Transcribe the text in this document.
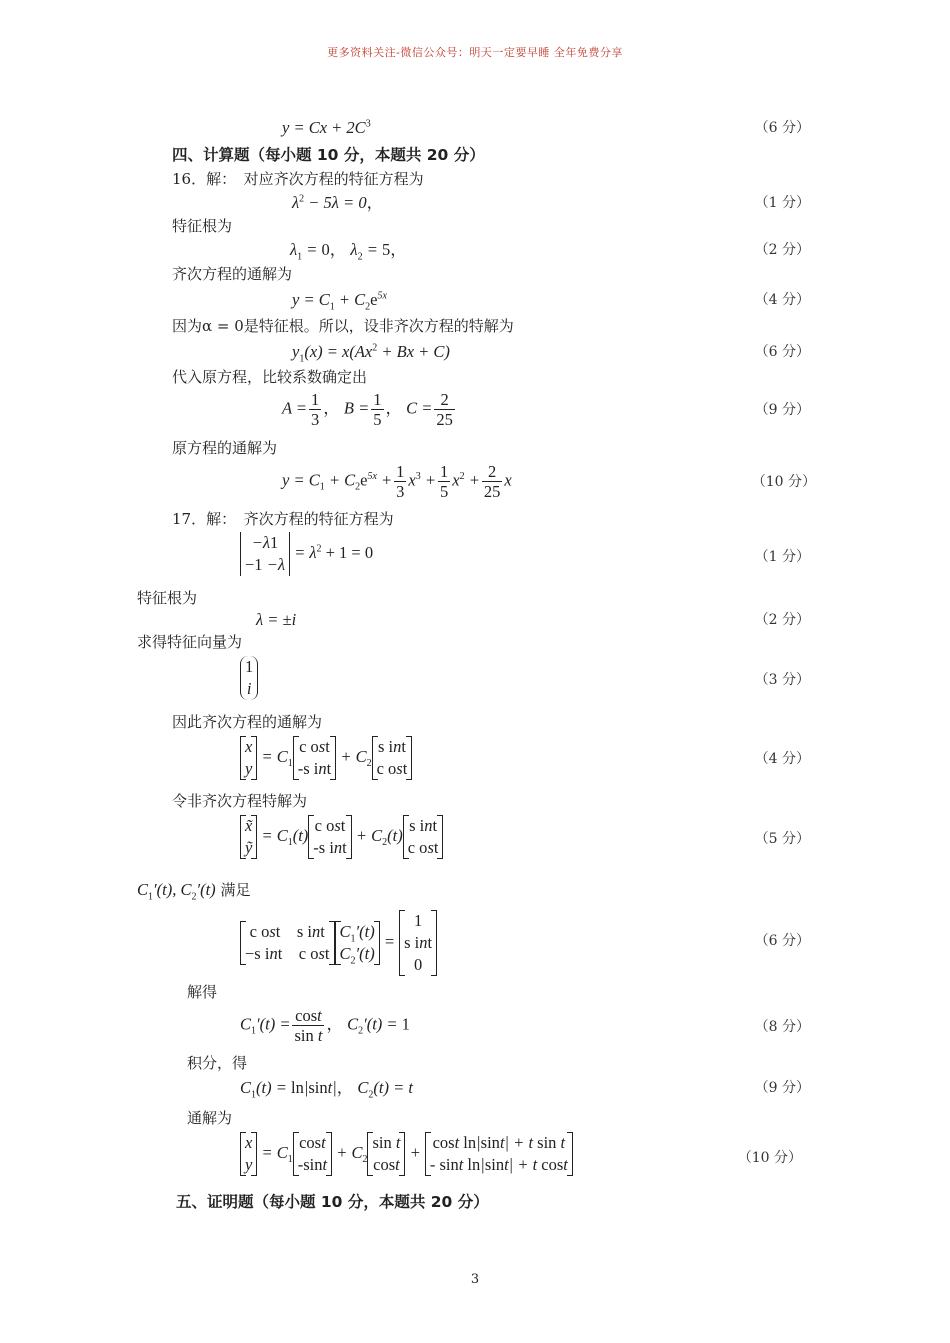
更多资料关注-微信公众号：明天一定要早睡 全年免费分享
$y = Cx + 2C^3$	（6 分）
四、计算题（每小题 10 分，本题共 20 分）
16．解：　对应齐次方程的特征方程为
$\lambda^2 - 5\lambda = 0$，	（1 分）
特征根为
$\lambda_1 = 0$， $\lambda_2 = 5$，	（2 分）
齐次方程的通解为
$y = C_1 + C_2e^{5x}$	（4 分）
因为α = 0是特征根。所以，设非齐次方程的特解为
$y_1(x) = x(Ax^2 + Bx + C)$	（6 分）
代入原方程，比较系数确定出
$A = \frac{1}{3}$ ， $B = \frac{1}{5}$ ， $C = \frac{2}{25}$	（9 分）
原方程的通解为
$y = C_1 + C_2e^{5x} + \frac{1}{3} x^3 + \frac{1}{5} x^2 + \frac{2}{25}$ x	（10 分）
17．解：　齐次方程的特征方程为
−λ1
−1 −λ
= $\lambda^2 + 1 = 0$	（1 分）
特征根为
λ = ±i	（2 分）
求得特征向量为
1
i	（3 分）
因此齐次方程的通解为
x
y
= $C_1$
c ost
-s int
+ $C_2$
s int
c ost	（4 分）
令非齐次方程特解为
x̃
ỹ
= $C_1(t)$
c ost
-s int
+ $C_2(t)$
s int
c ost	（5 分）
$C_1'(t)$, $C_2'(t)$ 满足
c ost　s int
−s int　c ost
$C_1'(t)$
$C_2'(t)$
=
1
s int
0
（6 分）
解得
$C_1'(t) = \frac{\cos t}{\text{sin t}}$ ， $C_2'(t) = 1$	（8 分）
积分，得
$C_1(t) = \ln|\sin t|$， $C_2(t) = t$	（9 分）
通解为
x
y
= $C_1$
cost
-sint
+ $C_2$
sin t
cost
+
cost ln|sint| + t sin t
- sint ln|sint| + t cost	（10 分）
五、证明题（每小题 10 分，本题共 20 分）
3
